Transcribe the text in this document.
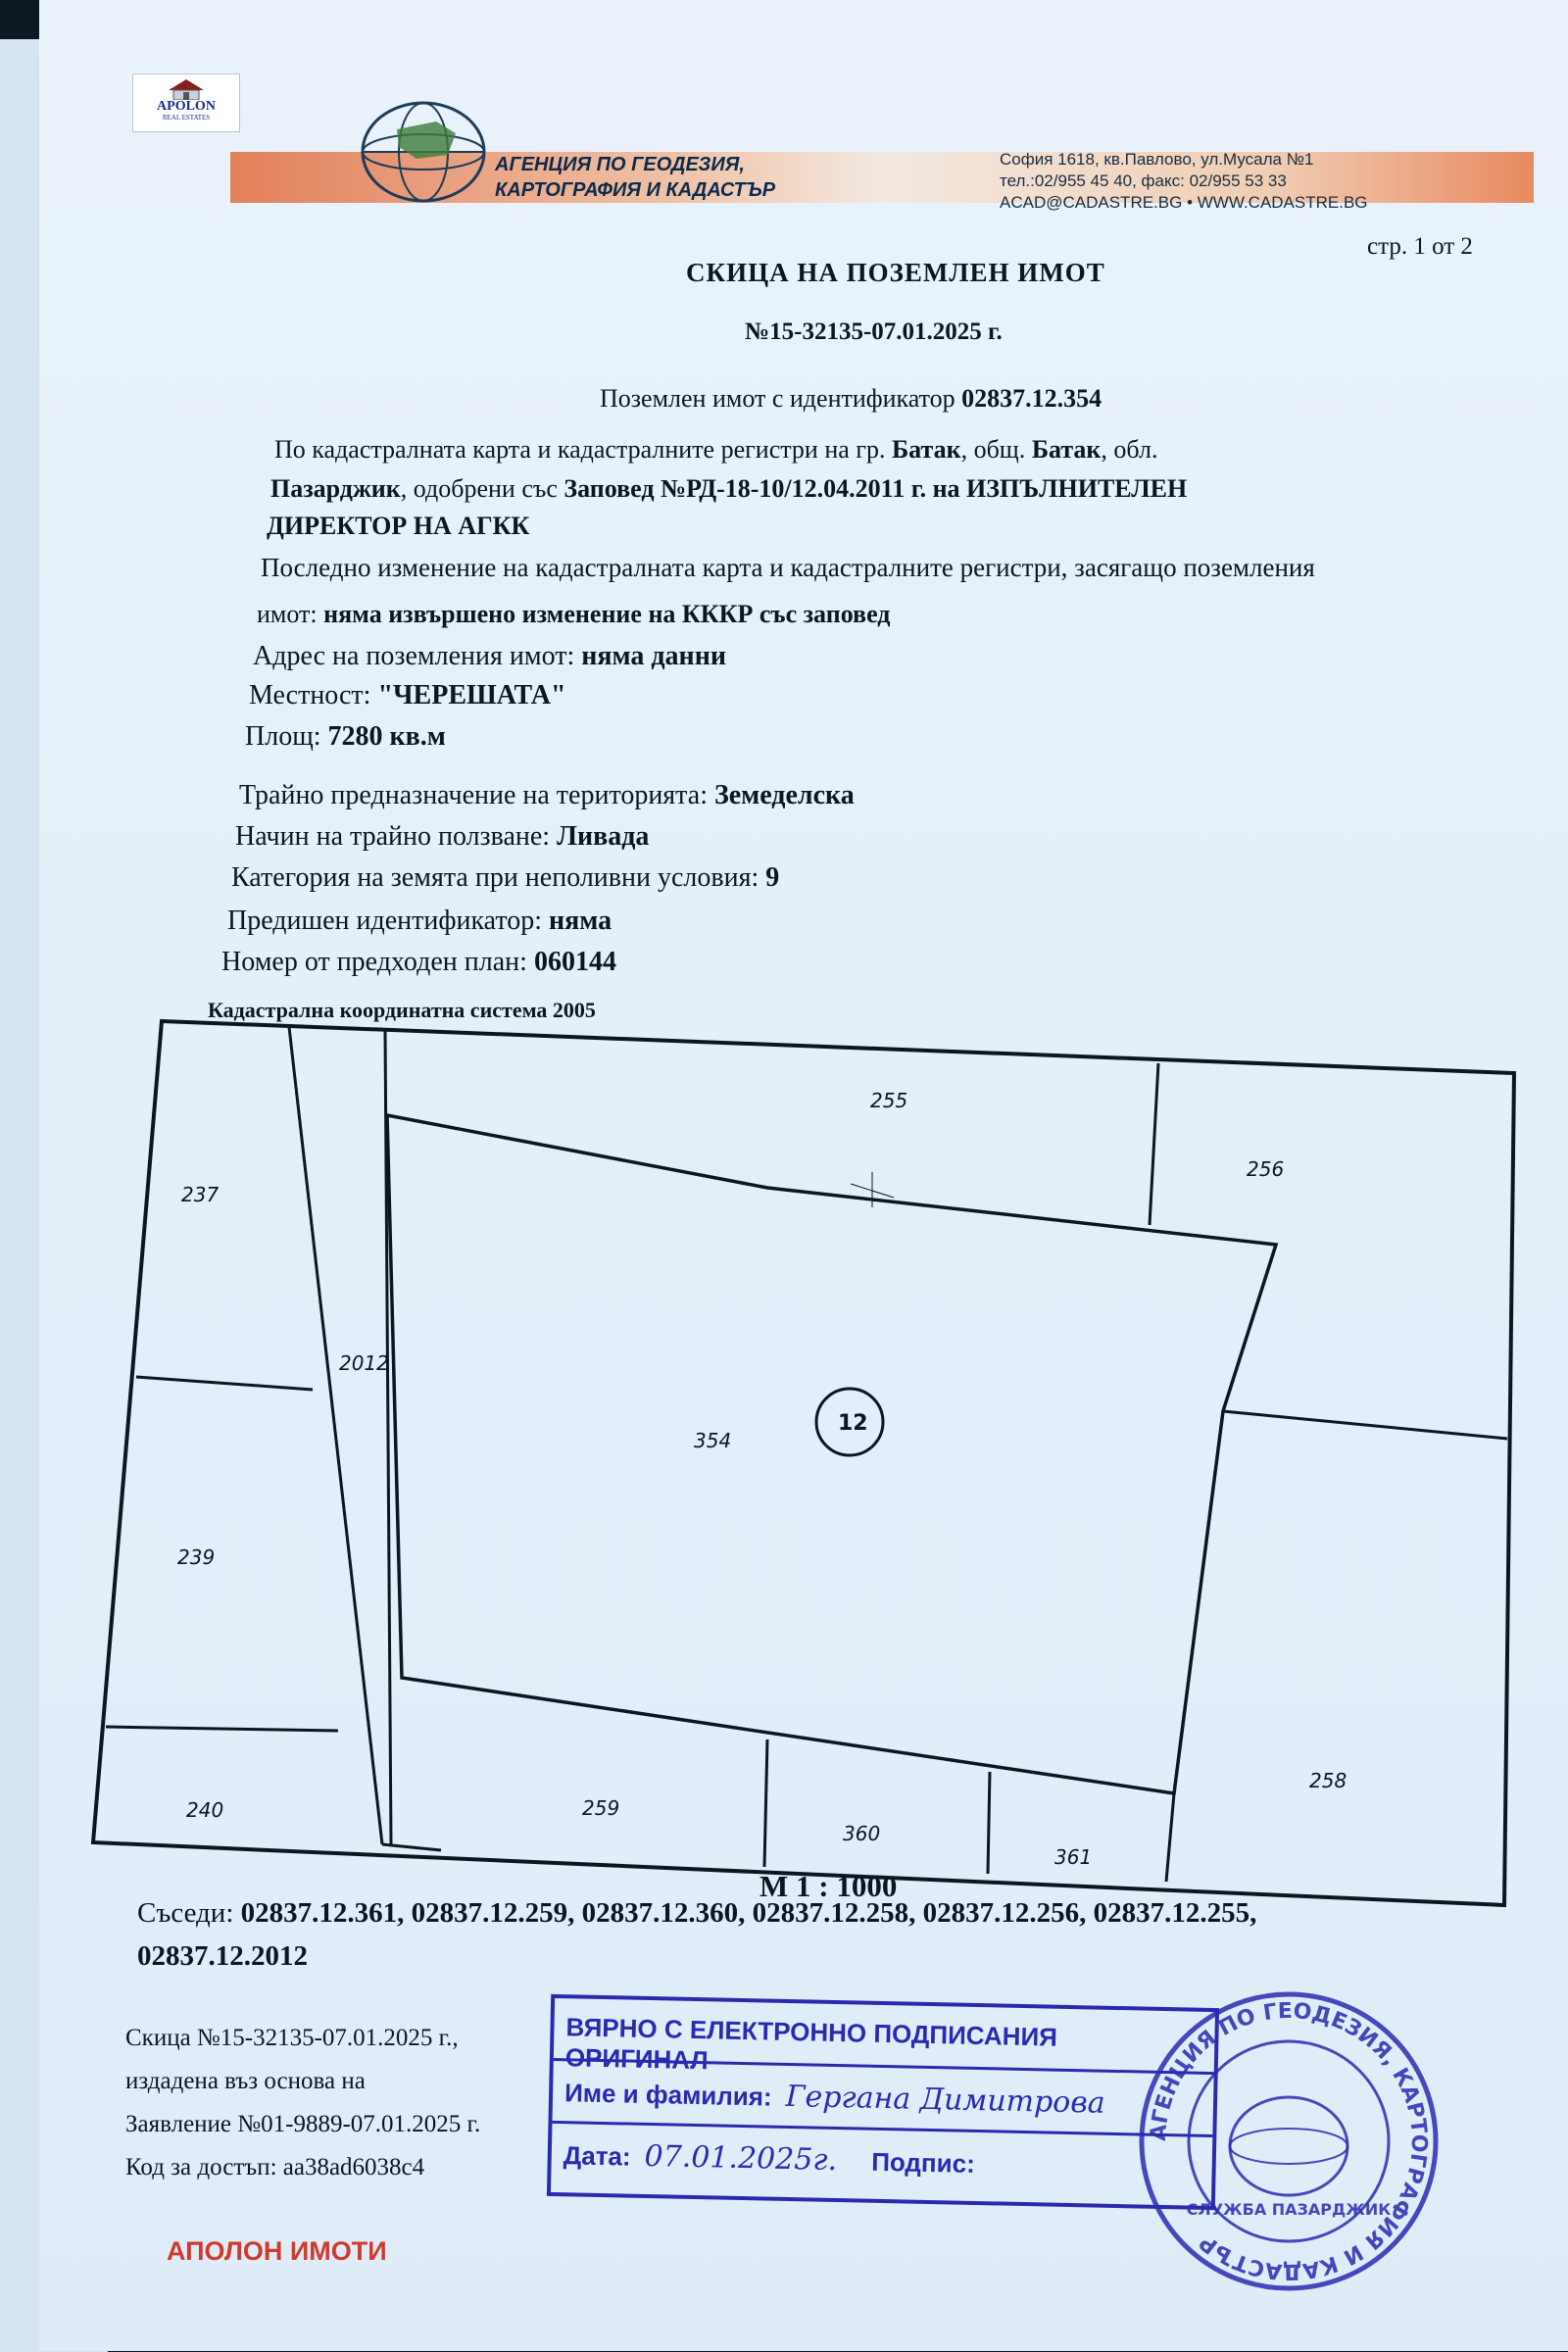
APOLON
REAL ESTATES
АГЕНЦИЯ ПО ГЕОДЕЗИЯ,
КАРТОГРАФИЯ И КАДАСТЪР
София 1618, кв.Павлово, ул.Мусала №1
тел.:02/955 45 40, факс: 02/955 53 33
ACAD@CADASTRE.BG • WWW.CADASTRE.BG
стр. 1 от 2
СКИЦА НА ПОЗЕМЛЕН ИМОТ
№15-32135-07.01.2025 г.
Поземлен имот с идентификатор 02837.12.354
По кадастралната карта и кадастралните регистри на гр. Батак, общ. Батак, обл.
Пазарджик, одобрени със Заповед №РД-18-10/12.04.2011 г. на ИЗПЪЛНИТЕЛЕН
ДИРЕКТОР НА АГКК
Последно изменение на кадастралната карта и кадастралните регистри, засягащо поземления
имот: няма извършено изменение на КККР със заповед
Адрес на поземления имот: няма данни
Местност: "ЧЕРЕШАТА"
Площ: 7280 кв.м
Трайно предназначение на територията: Земеделска
Начин на трайно ползване: Ливада
Категория на земята при неполивни условия: 9
Предишен идентификатор: няма
Номер от предходен план: 060144
Кадастрална координатна система 2005
М 1 : 1000
Съседи: 02837.12.361, 02837.12.259, 02837.12.360, 02837.12.258, 02837.12.256, 02837.12.255,
02837.12.2012
Скица №15-32135-07.01.2025 г.,
издадена въз основа на
Заявление №01-9889-07.01.2025 г.
Код за достъп: aa38ad6038c4
АПОЛОН ИМОТИ
255
256
237
2012
354
239
240	259
360
361
258
12
ВЯРНО С ЕЛЕКТРОННО ПОДПИСАНИЯ ОРИГИНАЛ
Име и фамилия: Гергана Димитрова
Дата: 07.01.2025г. Подпис:
АГЕНЦИЯ ПО ГЕОДЕЗИЯ, КАРТОГРАФИЯ И КАДАСТЪР
СЛУЖБА ПАЗАРДЖИК
